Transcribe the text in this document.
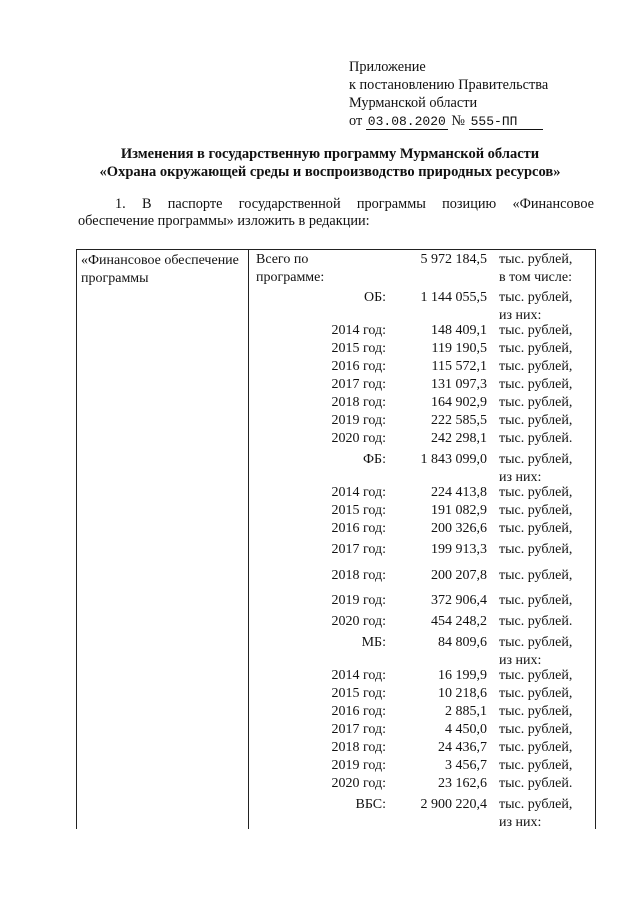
Приложение
к постановлению Правительства
Мурманской области
от 03.08.2020 № 555-ПП
Изменения в государственную программу Мурманской области
«Охрана окружающей среды и воспроизводство природных ресурсов»
1. В паспорте государственной программы позицию «Финансовое обеспечение программы» изложить в редакции:
«Финансовое обеспечение программы
Всего по	5 972 184,5 тыс. рублей,
программе:	в том числе:
ОБ: 1 144 055,5 тыс. рублей,
из них:
2014 год:	148 409,1 тыс. рублей,
2015 год:	119 190,5 тыс. рублей,
2016 год:	115 572,1 тыс. рублей,
2017 год:	131 097,3 тыс. рублей,
2018 год:	164 902,9 тыс. рублей,
2019 год:	222 585,5 тыс. рублей,
2020 год:	242 298,1 тыс. рублей.
ФБ: 1 843 099,0 тыс. рублей,
из них:
2014 год:	224 413,8 тыс. рублей,
2015 год:	191 082,9 тыс. рублей,
2016 год:	200 326,6 тыс. рублей,
2017 год:	199 913,3 тыс. рублей,
2018 год:	200 207,8 тыс. рублей,
2019 год:	372 906,4 тыс. рублей,
2020 год:	454 248,2 тыс. рублей.
МБ:	84 809,6 тыс. рублей,
из них:
2014 год:	16 199,9 тыс. рублей,
2015 год:	10 218,6 тыс. рублей,
2016 год:	2 885,1 тыс. рублей,
2017 год:	4 450,0 тыс. рублей,
2018 год:	24 436,7 тыс. рублей,
2019 год:	3 456,7 тыс. рублей,
2020 год:	23 162,6 тыс. рублей.
ВБС: 2 900 220,4 тыс. рублей,
из них:
